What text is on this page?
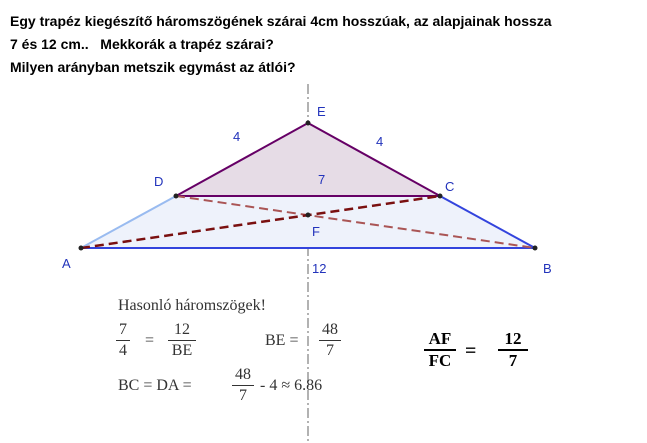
Egy trapéz kiegészítő háromszögének szárai 4cm hosszúak, az alapjainak hossza
7 és 12 cm..   Mekkorák a trapéz szárai?
Milyen arányban metszik egymást az átlói?
A	B
D	C
E
F
4	4
7
12
Hasonló háromszögek!
7
4
=
12
BE
BE =
48
7
AF
FC =
12
7
BC = DA =
48
7
- 4 ≈ 6.86
